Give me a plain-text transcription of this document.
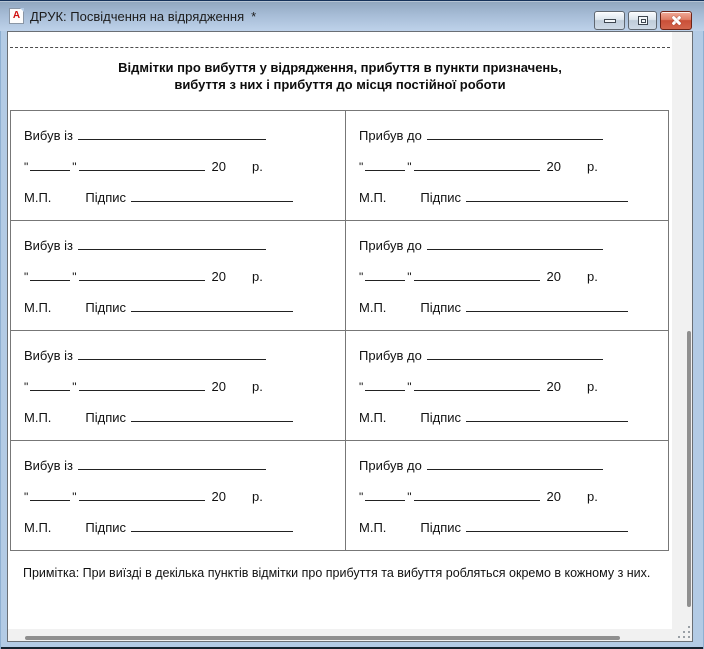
A ДРУК: Посвідчення на відрядження *
Відмітки про вибуття у відрядження, прибуття в пункти призначень,
вибуття з них і прибуття до місця постійної роботи
Вибув із
"	"	20 р.
М.П.	Підпис
Прибув до
"	"	20 р.
М.П.	Підпис
Вибув із
"	"	20 р.
М.П.	Підпис
Прибув до
"	"	20 р.
М.П.	Підпис
Вибув із
"	"	20 р.
М.П.	Підпис
Прибув до
"	"	20 р.
М.П.	Підпис
Вибув із
"	"	20 р.
М.П.	Підпис
Прибув до
"	"	20 р.
М.П.	Підпис
Примітка: При виїзді в декілька пунктів відмітки про прибуття та вибуття робляться окремо в кожному з них.
